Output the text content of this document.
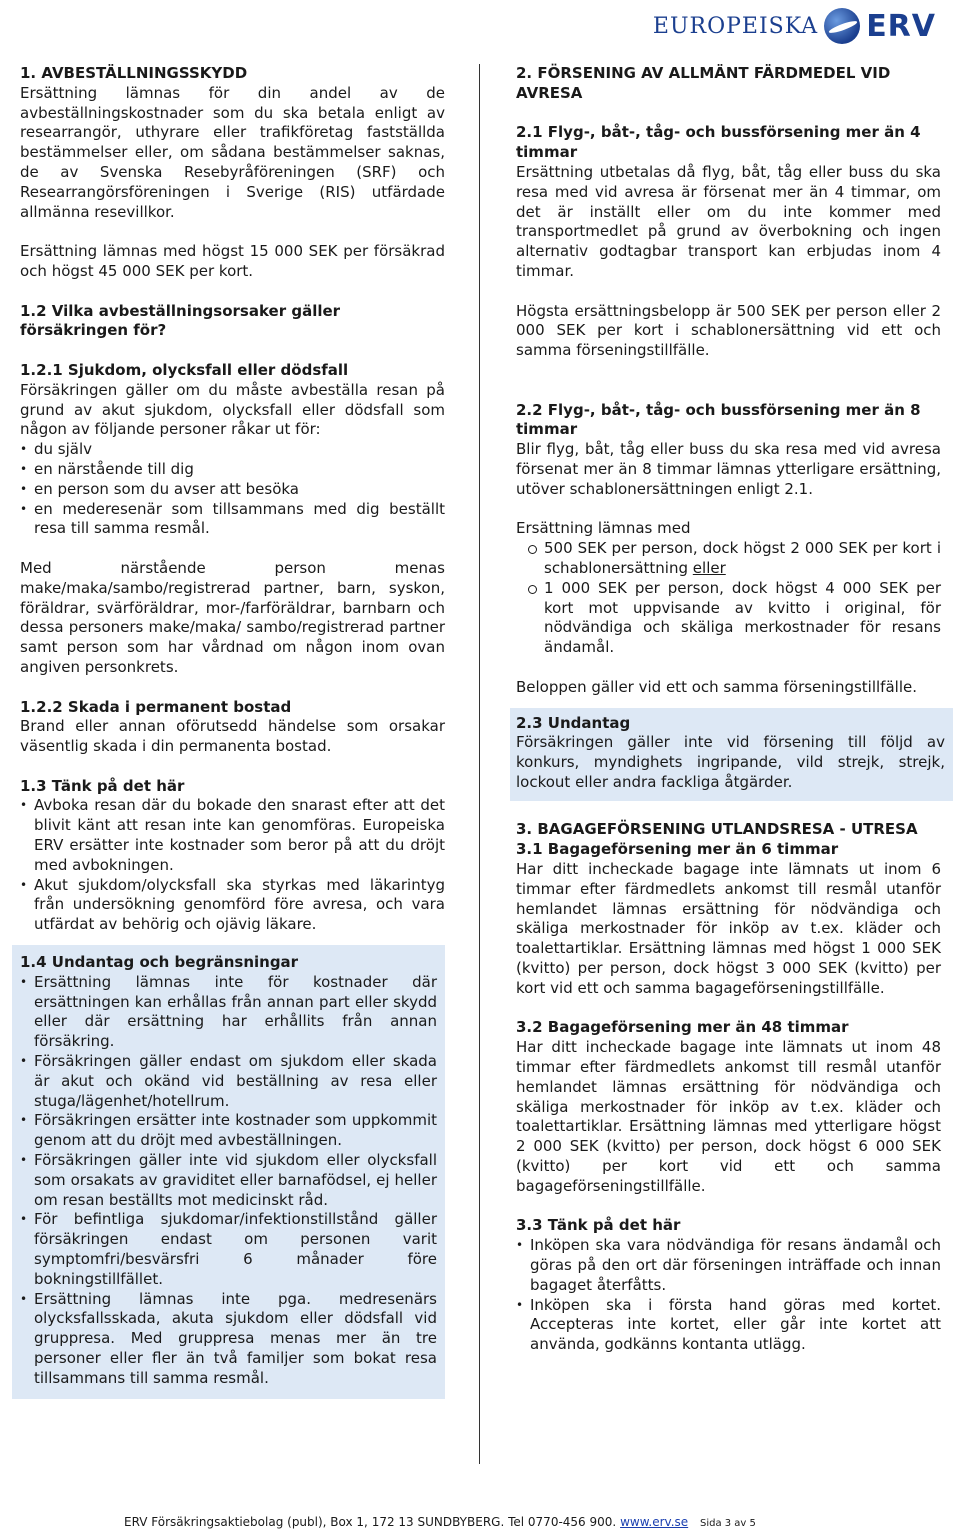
EUROPEISKA ERV

1. AVBESTÄLLNINGSSKYDD

Ersättning lämnas för din andel av de avbeställningskostnader som du ska betala enligt av researrangör, uthyrare eller trafikföretag fastställda bestämmelser eller, om sådana bestämmelser saknas, de av Svenska Resebyråföreningen (SRF) och Researrangörsföreningen i Sverige (RIS) utfärdade allmänna resevillkor.

Ersättning lämnas med högst 15 000 SEK per försäkrad och högst 45 000 SEK per kort.

1.2 Vilka avbeställningsorsaker gäller försäkringen för?

1.2.1 Sjukdom, olycksfall eller dödsfall

Försäkringen gäller om du måste avbeställa resan på grund av akut sjukdom, olycksfall eller dödsfall som någon av följande personer råkar ut för:

• du själv
• en närstående till dig
• en person som du avser att besöka
• en mederesenär som tillsammans med dig beställt resa till samma resmål.

Med närstående person menas make/maka/sambo/registrerad partner, barn, syskon, föräldrar, svärföräldrar, mor-/farföräldrar, barnbarn och dessa personers make/maka/ sambo/registrerad partner samt person som har vårdnad om någon inom ovan angiven personkrets.

1.2.2 Skada i permanent bostad

Brand eller annan oförutsedd händelse som orsakar väsentlig skada i din permanenta bostad.

1.3 Tänk på det här

• Avboka resan där du bokade den snarast efter att det blivit känt att resan inte kan genomföras. Europeiska ERV ersätter inte kostnader som beror på att du dröjt med avbokningen.
• Akut sjukdom/olycksfall ska styrkas med läkarintyg från undersökning genomförd före avresa, och vara utfärdat av behörig och ojävig läkare.

1.4 Undantag och begränsningar

• Ersättning lämnas inte för kostnader där ersättningen kan erhållas från annan part eller skydd eller där ersättning har erhållits från annan försäkring.
• Försäkringen gäller endast om sjukdom eller skada är akut och okänd vid beställning av resa eller stuga/lägenhet/hotellrum.
• Försäkringen ersätter inte kostnader som uppkommit genom att du dröjt med avbeställningen.
• Försäkringen gäller inte vid sjukdom eller olycksfall som orsakats av graviditet eller barnafödsel, ej heller om resan beställts mot medicinskt råd.
• För befintliga sjukdomar/infektionstillstånd gäller försäkringen endast om personen varit symptomfri/besvärsfri 6 månader före bokningstillfället.
• Ersättning lämnas inte pga. medresenärs olycksfallsskada, akuta sjukdom eller dödsfall vid gruppresa. Med gruppresa menas mer än tre personer eller fler än två familjer som bokat resa tillsammans till samma resmål.

2. FÖRSENING AV ALLMÄNT FÄRDMEDEL VID AVRESA

2.1 Flyg-, båt-, tåg- och bussförsening mer än 4 timmar

Ersättning utbetalas då flyg, båt, tåg eller buss du ska resa med vid avresa är försenat mer än 4 timmar, om det är inställt eller om du inte kommer med transportmedlet på grund av överbokning och ingen alternativ godtagbar transport kan erbjudas inom 4 timmar.

Högsta ersättningsbelopp är 500 SEK per person eller 2 000 SEK per kort i schablonersättning vid ett och samma förseningstillfälle.

2.2 Flyg-, båt-, tåg- och bussförsening mer än 8 timmar

Blir flyg, båt, tåg eller buss du ska resa med vid avresa försenat mer än 8 timmar lämnas ytterligare ersättning, utöver schablonersättningen enligt 2.1.

Ersättning lämnas med

500 SEK per person, dock högst 2 000 SEK per kort i schablonersättning eller
1 000 SEK per person, dock högst 4 000 SEK per kort mot uppvisande av kvitto i original, för nödvändiga och skäliga merkostnader för resans ändamål.

Beloppen gäller vid ett och samma förseningstillfälle.

2.3 Undantag

Försäkringen gäller inte vid försening till följd av konkurs, myndighets ingripande, vild strejk, strejk, lockout eller andra fackliga åtgärder.

3. BAGAGEFÖRSENING UTLANDSRESA - UTRESA

3.1 Bagageförsening mer än 6 timmar

Har ditt incheckade bagage inte lämnats ut inom 6 timmar efter färdmedlets ankomst till resmål utanför hemlandet lämnas ersättning för nödvändiga och skäliga merkostnader för inköp av t.ex. kläder och toalettartiklar. Ersättning lämnas med högst 1 000 SEK (kvitto) per person, dock högst 3 000 SEK (kvitto) per kort vid ett och samma bagageförseningstillfälle.

3.2 Bagageförsening mer än 48 timmar

Har ditt incheckade bagage inte lämnats ut inom 48 timmar efter färdmedlets ankomst till resmål utanför hemlandet lämnas ersättning för nödvändiga och skäliga merkostnader för inköp av t.ex. kläder och toalettartiklar. Ersättning lämnas med ytterligare högst 2 000 SEK (kvitto) per person, dock högst 6 000 SEK (kvitto) per kort vid ett och samma bagageförseningstillfälle.

3.3 Tänk på det här

• Inköpen ska vara nödvändiga för resans ändamål och göras på den ort där förseningen inträffade och innan bagaget återfåtts.
• Inköpen ska i första hand göras med kortet. Accepteras inte kortet, eller går inte kortet att använda, godkänns kontanta utlägg.
ERV Försäkringsaktiebolag (publ), Box 1, 172 13 SUNDBYBERG. Tel 0770-456 900. www.erv.se Sida 3 av 5
